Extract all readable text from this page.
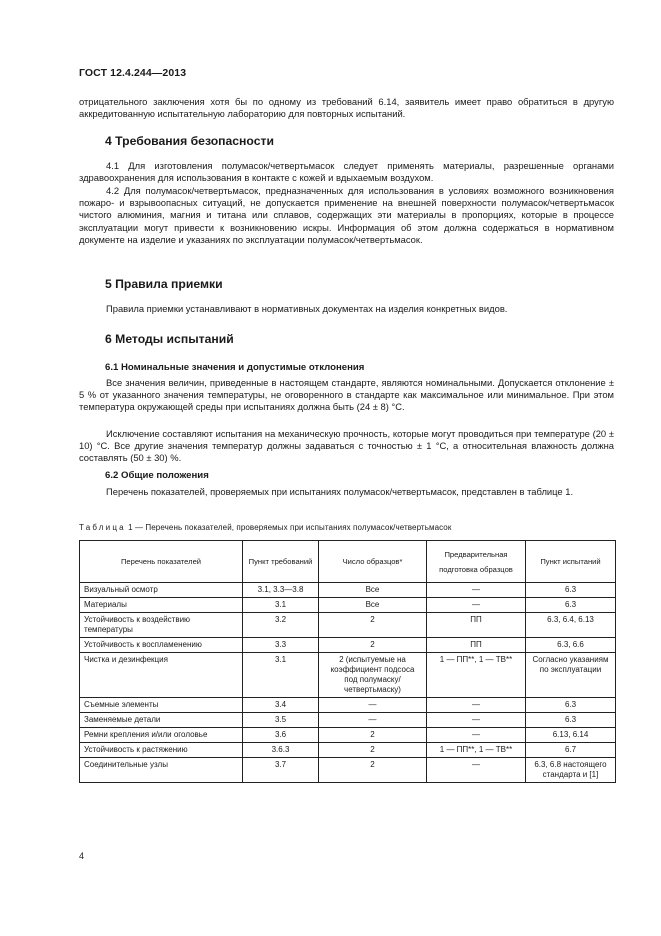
ГОСТ 12.4.244—2013

отрицательного заключения хотя бы по одному из требований 6.14, заявитель имеет право обратиться в другую аккредитованную испытательную лабораторию для повторных испытаний.

4 Требования безопасности

4.1 Для изготовления полумасок/четвертьмасок следует применять материалы, разрешенные органами здравоохранения для использования в контакте с кожей и вдыхаемым воздухом.

4.2 Для полумасок/четвертьмасок, предназначенных для использования в условиях возможного возникновения пожаро- и взрывоопасных ситуаций, не допускается применение на внешней поверхности полумасок/четвертьмасок чистого алюминия, магния и титана или сплавов, содержащих эти материалы в пропорциях, которые в процессе эксплуатации могут привести к возникновению искры. Информация об этом должна содержаться в нормативном документе на изделие и указаниях по эксплуатации полумасок/четвертьмасок.

5 Правила приемки

Правила приемки устанавливают в нормативных документах на изделия конкретных видов.

6 Методы испытаний
6.1 Номинальные значения и допустимые отклонения

Все значения величин, приведенные в настоящем стандарте, являются номинальными. Допускается отклонение ± 5 % от указанного значения температуры, не оговоренного в стандарте как максимальное или минимальное. При этом температура окружающей среды при испытаниях должна быть (24 ± 8) °С.

Исключение составляют испытания на механическую прочность, которые могут проводиться при температуре (20 ± 10) °С. Все другие значения температур должны задаваться с точностью ± 1 °С, а относительная влажность должна составлять (50 ± 30) %.

6.2 Общие положения

Перечень показателей, проверяемых при испытаниях полумасок/четвертьмасок, представлен в таблице 1.

Таблица 1 — Перечень показателей, проверяемых при испытаниях полумасок/четвертьмасок
Перечень показателей	Пункт требований	Число образцов*	Предварительная подготовка образцов	Пункт испытаний
Визуальный осмотр	3.1, 3.3—3.8	Все	—	6.3
Материалы	3.1	Все	—	6.3
Устойчивость к воздействию температуры	3.2	2	ПП	6.3, 6.4, 6.13
Устойчивость к воспламенению	3.3	2	ПП	6.3, 6.6
Чистка и дезинфекция	3.1	2 (испытуемые на коэффициент подсоса под полумаску/четвертьмаску)	1 — ПП**, 1 — ТВ**	Согласно указаниям по эксплуатации
Съемные элементы	3.4	—	—	6.3
Заменяемые детали	3.5	—	—	6.3
Ремни крепления и/или оголовье	3.6	2	—	6.13, 6.14
Устойчивость к растяжению	3.6.3	2	1 — ПП**, 1 — ТВ**	6.7
Соединительные узлы	3.7	2	—	6.3, 6.8 настоящего стандарта и [1]
4
